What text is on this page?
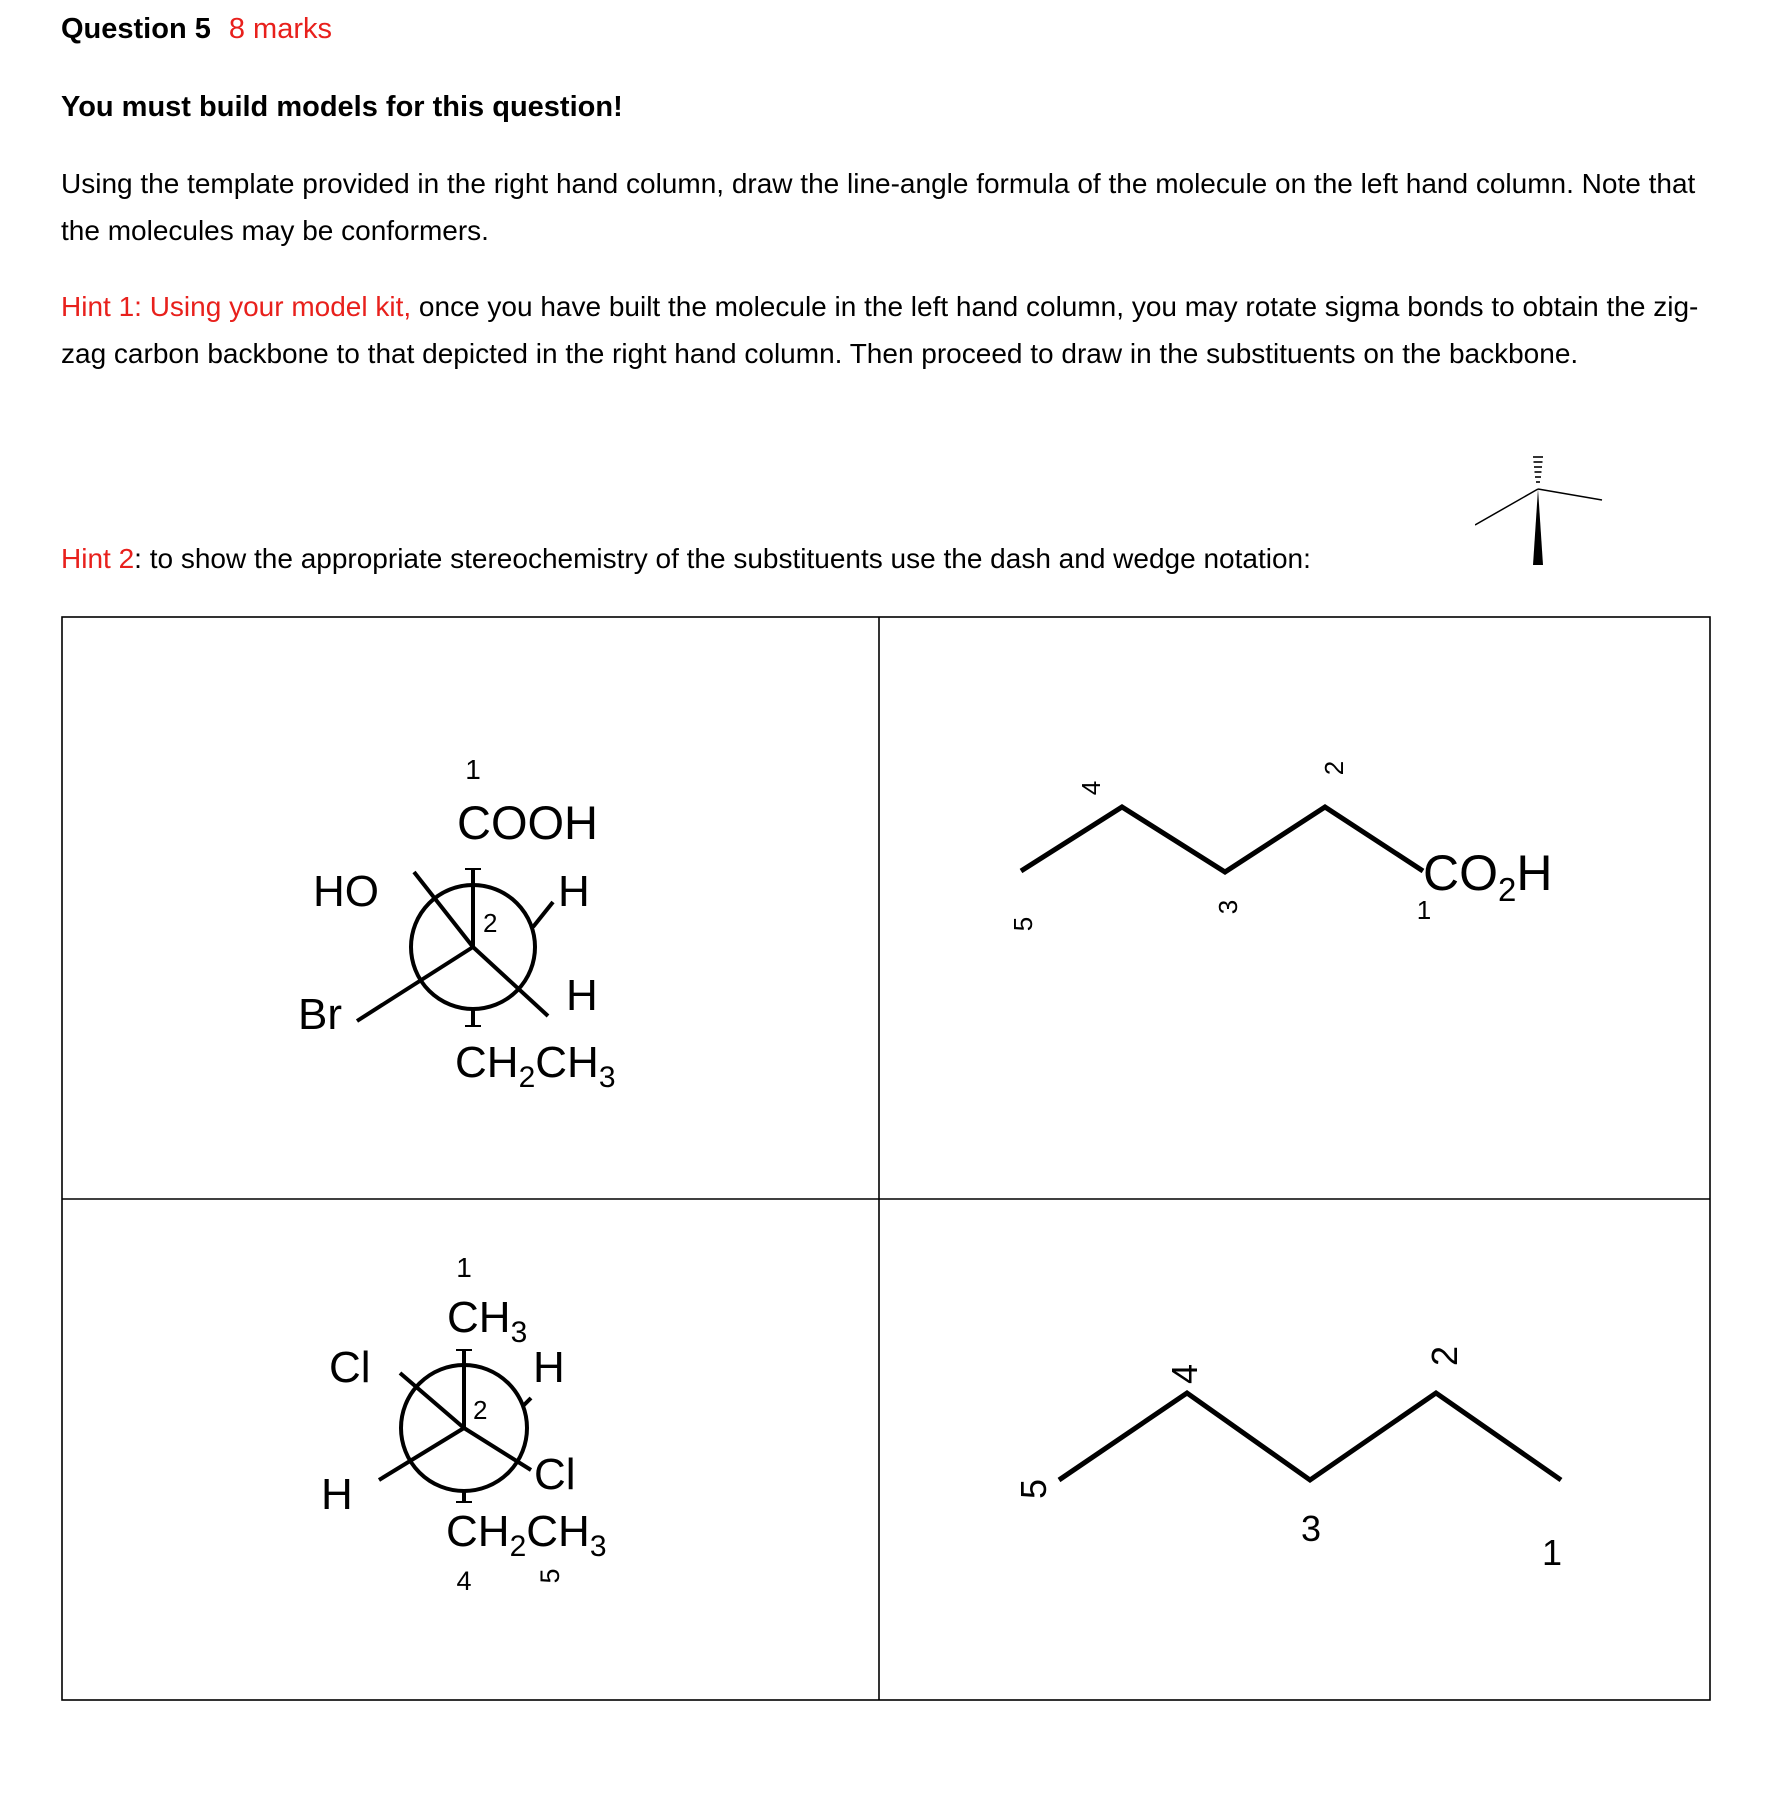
Question 5 8 marks
You must build models for this question!
Using the template provided in the right hand column, draw the line-angle formula of the molecule on the left hand column. Note that the molecules may be conformers.
Hint 1: Using your model kit, once you have built the molecule in the left hand column, you may rotate sigma bonds to obtain the zig-zag carbon backbone to that depicted in the right hand column. Then proceed to draw in the substituents on the backbone.
Hint 2: to show the appropriate stereochemistry of the substituents use the dash and wedge notation:
1
COOH
HO	H
2
Br	H
$CH_2CH_3$
5
4
3
2
1
$CO_2H$
1
$CH_3$
Cl	H
2
H	Cl
$CH_2CH_3$
4 5
5
4
3
2
1
